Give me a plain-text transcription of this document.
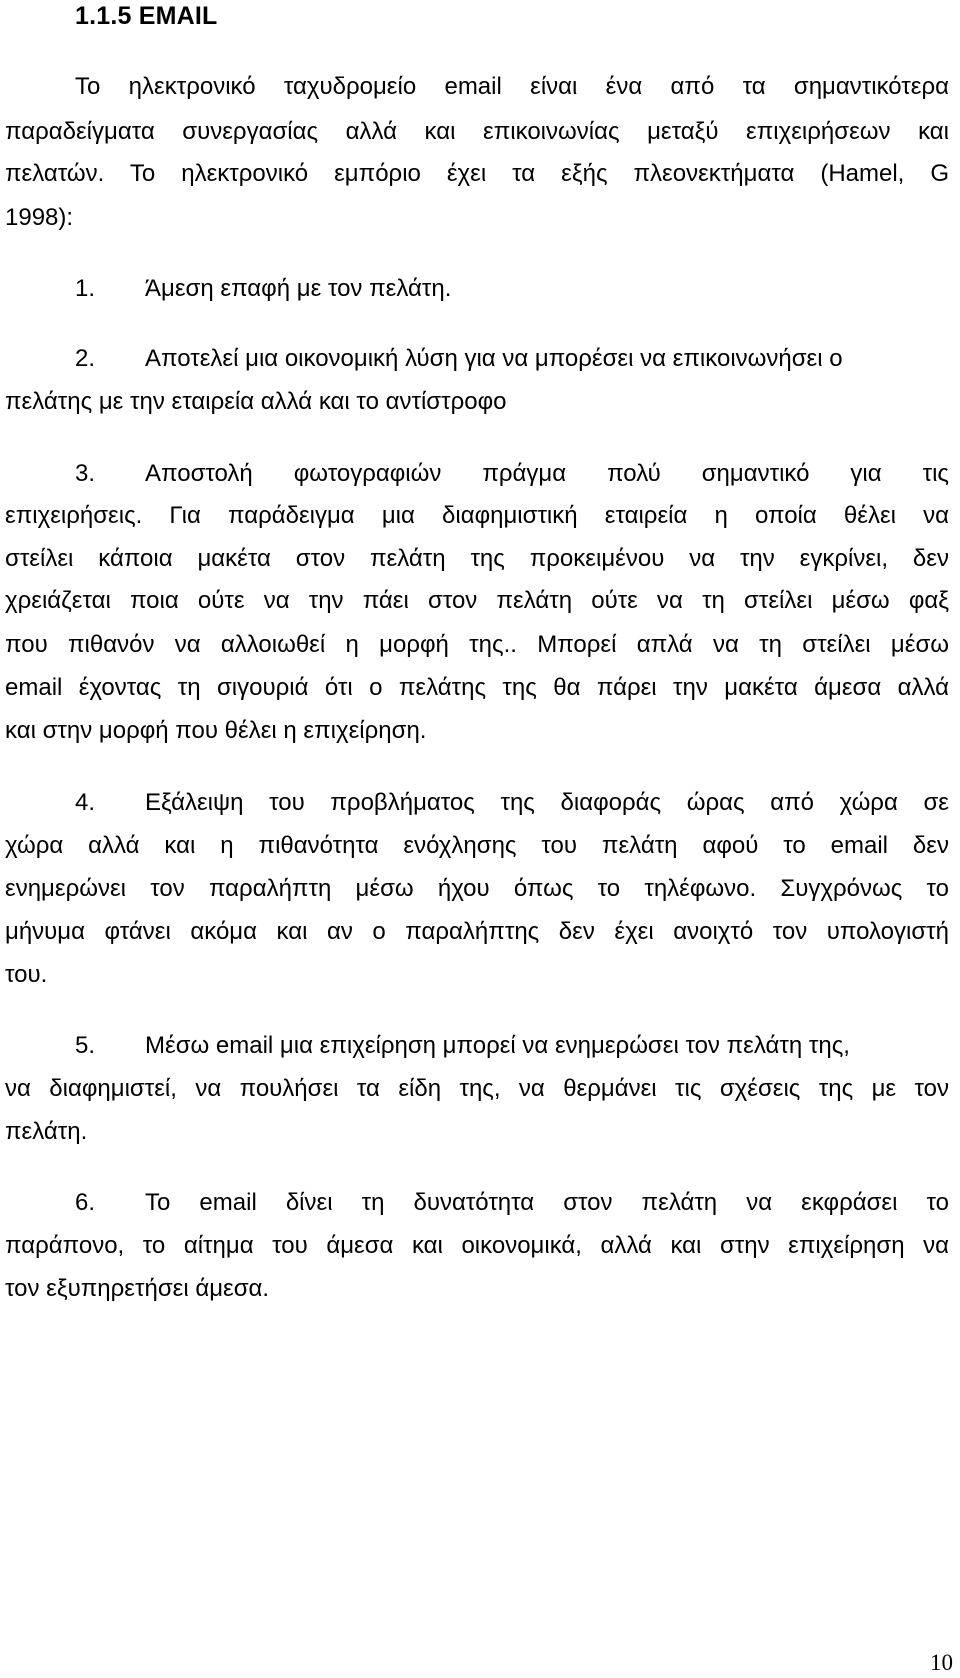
1.1.5 EMAIL
Το ηλεκτρονικό ταχυδρομείο email είναι ένα από τα σημαντικότερα
παραδείγματα συνεργασίας αλλά και επικοινωνίας μεταξύ επιχειρήσεων και
πελατών. Το ηλεκτρονικό εμπόριο έχει τα εξής πλεονεκτήματα (Hamel, G
1998):
1. Άμεση επαφή με τον πελάτη.
2. Αποτελεί μια οικονομική λύση για να μπορέσει να επικοινωνήσει ο
πελάτης με την εταιρεία αλλά και το αντίστροφο
3. Αποστολή φωτογραφιών πράγμα πολύ σημαντικό για τις
επιχειρήσεις. Για παράδειγμα μια διαφημιστική εταιρεία η οποία θέλει να
στείλει κάποια μακέτα στον πελάτη της προκειμένου να την εγκρίνει, δεν
χρειάζεται ποια ούτε να την πάει στον πελάτη ούτε να τη στείλει μέσω φαξ
που πιθανόν να αλλοιωθεί η μορφή της.. Μπορεί απλά να τη στείλει μέσω
email έχοντας τη σιγουριά ότι ο πελάτης της θα πάρει την μακέτα άμεσα αλλά
και στην μορφή που θέλει η επιχείρηση.
4. Εξάλειψη του προβλήματος της διαφοράς ώρας από χώρα σε
χώρα αλλά και η πιθανότητα ενόχλησης του πελάτη αφού το email δεν
ενημερώνει τον παραλήπτη μέσω ήχου όπως το τηλέφωνο. Συγχρόνως το
μήνυμα φτάνει ακόμα και αν ο παραλήπτης δεν έχει ανοιχτό τον υπολογιστή
του.
5. Μέσω email μια επιχείρηση μπορεί να ενημερώσει τον πελάτη της,
να διαφημιστεί, να πουλήσει τα είδη της, να θερμάνει τις σχέσεις της με τον
πελάτη.
6. Το email δίνει τη δυνατότητα στον πελάτη να εκφράσει το
παράπονο, το αίτημα του άμεσα και οικονομικά, αλλά και στην επιχείρηση να
τον εξυπηρετήσει άμεσα.
10
